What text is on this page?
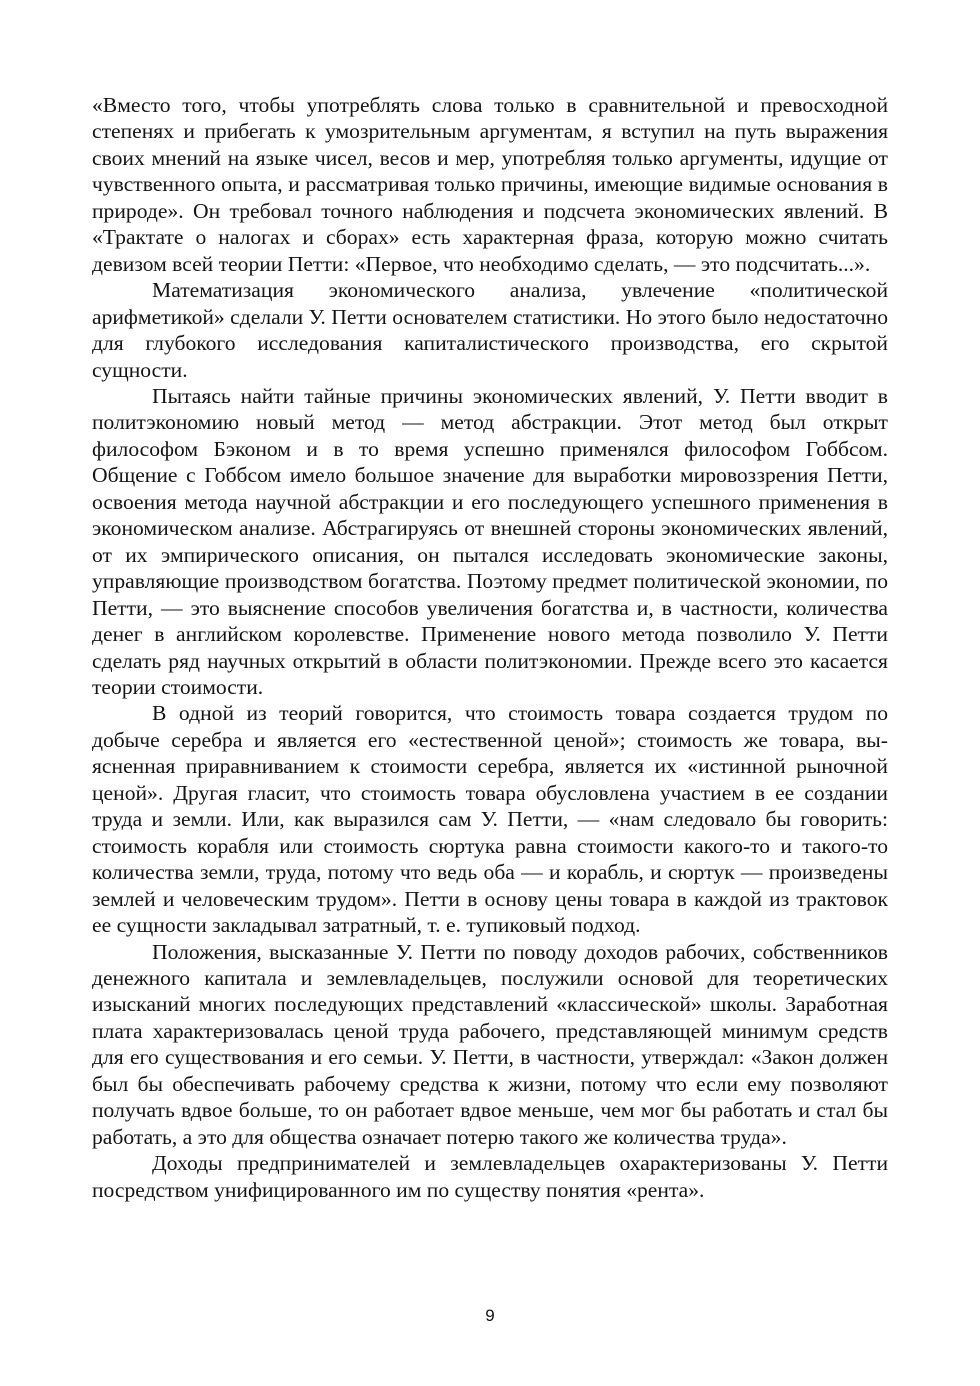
«Вместо того, чтобы употреблять слова только в сравнительной и превосходной степенях и прибегать к умозрительным аргументам, я вступил на путь выражения своих мнений на языке чисел, весов и мер, употребляя только аргументы, идущие от чувственного опыта, и рассматривая только причины, имеющие видимые основания в природе». Он требовал точного наблюдения и подсчета экономических явлений. В «Трактате о налогах и сборах» есть характерная фраза, которую можно считать девизом всей теории Петти: «Первое, что необходимо сделать, — это подсчитать...».

Математизация экономического анализа, увлечение «политической арифметикой» сделали У. Петти основателем статистики. Но этого было недостаточно для глубокого исследования капиталистического производства, его скрытой сущности.

Пытаясь найти тайные причины экономических явлений, У. Петти вводит в политэкономию новый метод — метод абстракции. Этот метод был открыт философом Бэконом и в то время успешно применялся философом Гоббсом. Общение с Гоббсом имело большое значение для выработки мировоззрения Петти, освоения метода научной абстракции и его последующего успешного применения в экономическом анализе. Абстрагируясь от внешней стороны экономических явлений, от их эмпирического описания, он пытался исследовать экономические законы, управляющие производством богатства. Поэтому предмет политической экономии, по Петти, — это выяснение способов увеличения богатства и, в частности, количества денег в английском королевстве. Применение нового метода позволило У. Петти сделать ряд научных открытий в области политэкономии. Прежде всего это касается теории стоимости.

В одной из теорий говорится, что стоимость товара создается трудом по добыче серебра и является его «естественной ценой»; стоимость же товара, выясненная приравниванием к стоимости серебра, является их «истинной рыночной ценой». Другая гласит, что стоимость товара обусловлена участием в ее создании труда и земли. Или, как выразился сам У. Петти, — «нам следовало бы говорить: стоимость корабля или стоимость сюртука равна стоимости какого-то и такого-то количества земли, труда, потому что ведь оба — и корабль, и сюртук — произведены землей и человеческим трудом». Петти в основу цены товара в каждой из трактовок ее сущности закладывал затратный, т. е. тупиковый подход.

Положения, высказанные У. Петти по поводу доходов рабочих, собственников денежного капитала и землевладельцев, послужили основой для теоретических изысканий многих последующих представлений «классической» школы. Заработная плата характеризовалась ценой труда рабочего, представляющей минимум средств для его существования и его семьи. У. Петти, в частности, утверждал: «Закон должен был бы обеспечивать рабочему средства к жизни, потому что если ему позволяют получать вдвое больше, то он работает вдвое меньше, чем мог бы работать и стал бы работать, а это для общества означает потерю такого же количества труда».

Доходы предпринимателей и землевладельцев охарактеризованы У. Петти посредством унифицированного им по существу понятия «рента».

9
